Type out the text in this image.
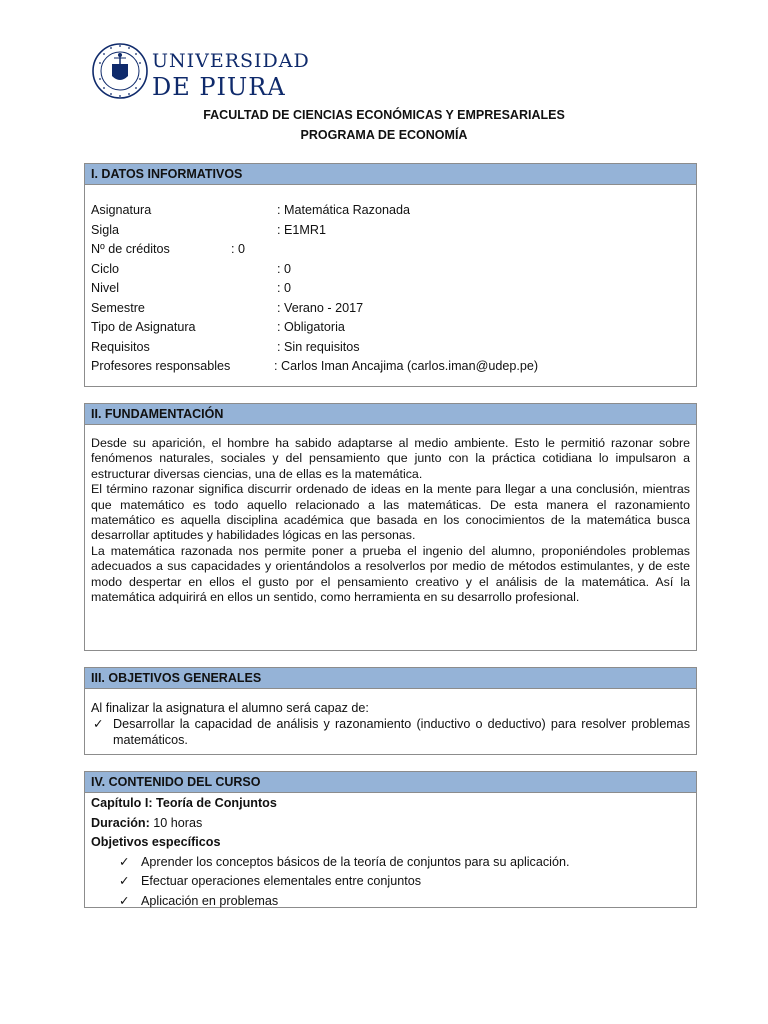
UNIVERSIDAD
DE PIURA
FACULTAD DE CIENCIAS ECONÓMICAS Y EMPRESARIALES
PROGRAMA DE ECONOMÍA
I. DATOS INFORMATIVOS
Asignatura	: Matemática Razonada
Sigla	: E1MR1
Nº de créditos	: 0
Ciclo	: 0
Nivel	: 0
Semestre	: Verano - 2017
Tipo de Asignatura	: Obligatoria
Requisitos	: Sin requisitos
Profesores responsables	: Carlos Iman Ancajima (carlos.iman@udep.pe)
II. FUNDAMENTACIÓN

Desde su aparición, el hombre ha sabido adaptarse al medio ambiente. Esto le permitió razonar sobre fenómenos naturales, sociales y del pensamiento que junto con la práctica cotidiana lo impulsaron a estructurar diversas ciencias, una de ellas es la matemática.

El término razonar significa discurrir ordenado de ideas en la mente para llegar a una conclusión, mientras que matemático es todo aquello relacionado a las matemáticas. De esta manera el razonamiento matemático es aquella disciplina académica que basada en los conocimientos de la matemática busca desarrollar aptitudes y habilidades lógicas en las personas.

La matemática razonada nos permite poner a prueba el ingenio del alumno, proponiéndoles problemas adecuados a sus capacidades y orientándolos a resolverlos por medio de métodos estimulantes, y de este modo despertar en ellos el gusto por el pensamiento creativo y el análisis de la matemática. Así la matemática adquirirá en ellos un sentido, como herramienta en su desarrollo profesional.

III. OBJETIVOS GENERALES
Al finalizar la asignatura el alumno será capaz de:
✓ Desarrollar la capacidad de análisis y razonamiento (inductivo o deductivo) para resolver problemas matemáticos.
IV. CONTENIDO DEL CURSO
Capítulo I: Teoría de Conjuntos
Duración: 10 horas
Objetivos específicos
✓ Aprender los conceptos básicos de la teoría de conjuntos para su aplicación.
✓ Efectuar operaciones elementales entre conjuntos
✓ Aplicación en problemas
